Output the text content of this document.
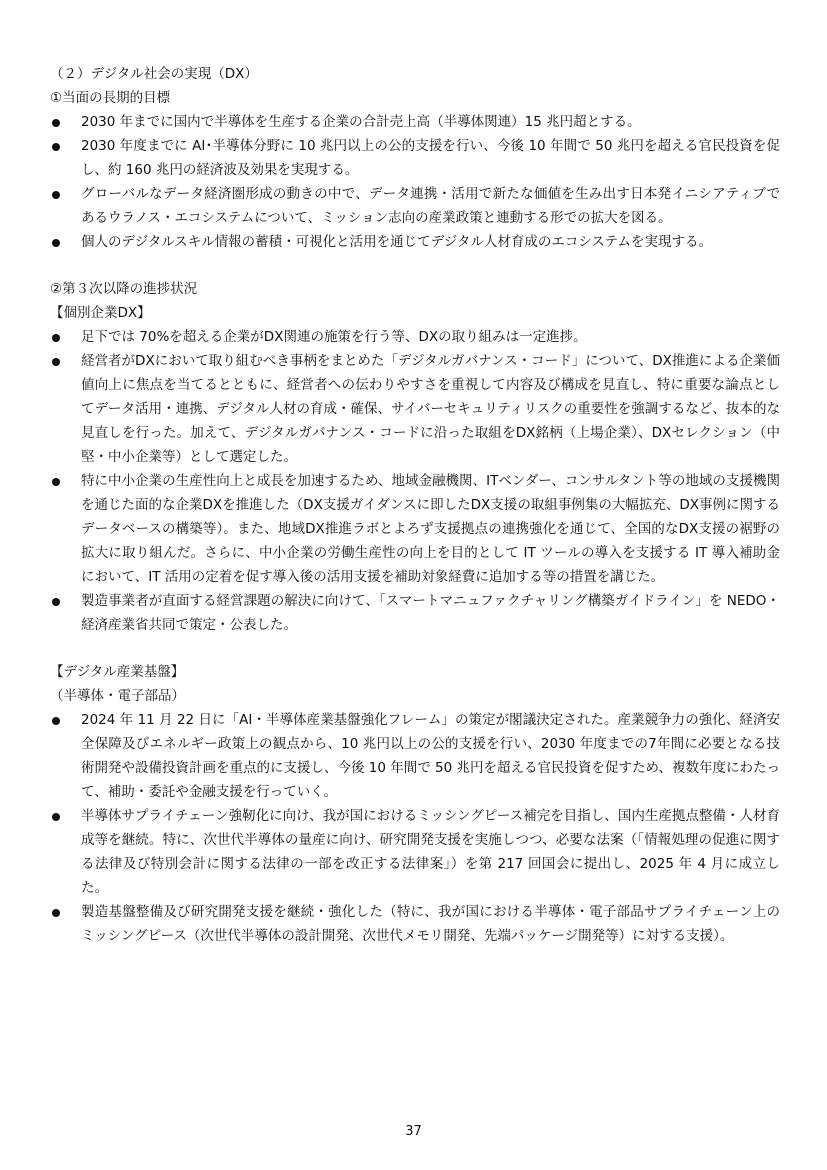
（２）デジタル社会の実現（DX）

①当面の長期的目標

2030 年までに国内で半導体を生産する企業の合計売上高（半導体関連）15 兆円超とする。
2030 年度までに AI･半導体分野に 10 兆円以上の公的支援を行い、今後 10 年間で 50 兆円を超える官民投資を促し、約 160 兆円の経済波及効果を実現する。
グローバルなデータ経済圏形成の動きの中で、データ連携・活用で新たな価値を生み出す日本発イニシアティブであるウラノス・エコシステムについて、ミッション志向の産業政策と連動する形での拡大を図る。
個人のデジタルスキル情報の蓄積・可視化と活用を通じてデジタル人材育成のエコシステムを実現する。

②第３次以降の進捗状況

【個別企業DX】

足下では 70%を超える企業がDX関連の施策を行う等、DXの取り組みは一定進捗。
経営者がDXにおいて取り組むべき事柄をまとめた「デジタルガバナンス・コード」について、DX推進による企業価値向上に焦点を当てるとともに、経営者への伝わりやすさを重視して内容及び構成を見直し、特に重要な論点としてデータ活用・連携、デジタル人材の育成・確保、サイバーセキュリティリスクの重要性を強調するなど、抜本的な見直しを行った。加えて、デジタルガバナンス・コードに沿った取組をDX銘柄（上場企業）、DXセレクション（中堅・中小企業等）として選定した。
特に中小企業の生産性向上と成長を加速するため、地域金融機関、ITベンダー、コンサルタント等の地域の支援機関を通じた面的な企業DXを推進した（DX支援ガイダンスに即したDX支援の取組事例集の大幅拡充、DX事例に関するデータベースの構築等）。また、地域DX推進ラボとよろず支援拠点の連携強化を通じて、全国的なDX支援の裾野の拡大に取り組んだ。さらに、中小企業の労働生産性の向上を目的として IT ツールの導入を支援する IT 導入補助金において、IT 活用の定着を促す導入後の活用支援を補助対象経費に追加する等の措置を講じた。
製造事業者が直面する経営課題の解決に向けて、「スマートマニュファクチャリング構築ガイドライン」を NEDO・経済産業省共同で策定・公表した。

【デジタル産業基盤】

（半導体・電子部品）

2024 年 11 月 22 日に「AI・半導体産業基盤強化フレーム」の策定が閣議決定された。産業競争力の強化、経済安全保障及びエネルギー政策上の観点から、10 兆円以上の公的支援を行い、2030 年度までの7年間に必要となる技術開発や設備投資計画を重点的に支援し、今後 10 年間で 50 兆円を超える官民投資を促すため、複数年度にわたって、補助・委託や金融支援を行っていく。
半導体サプライチェーン強靭化に向け、我が国におけるミッシングピース補完を目指し、国内生産拠点整備・人材育成等を継続。特に、次世代半導体の量産に向け、研究開発支援を実施しつつ、必要な法案（「情報処理の促進に関する法律及び特別会計に関する法律の一部を改正する法律案」）を第 217 回国会に提出し、2025 年 4 月に成立した。
製造基盤整備及び研究開発支援を継続・強化した（特に、我が国における半導体・電子部品サプライチェーン上のミッシングピース（次世代半導体の設計開発、次世代メモリ開発、先端パッケージ開発等）に対する支援）。
37
